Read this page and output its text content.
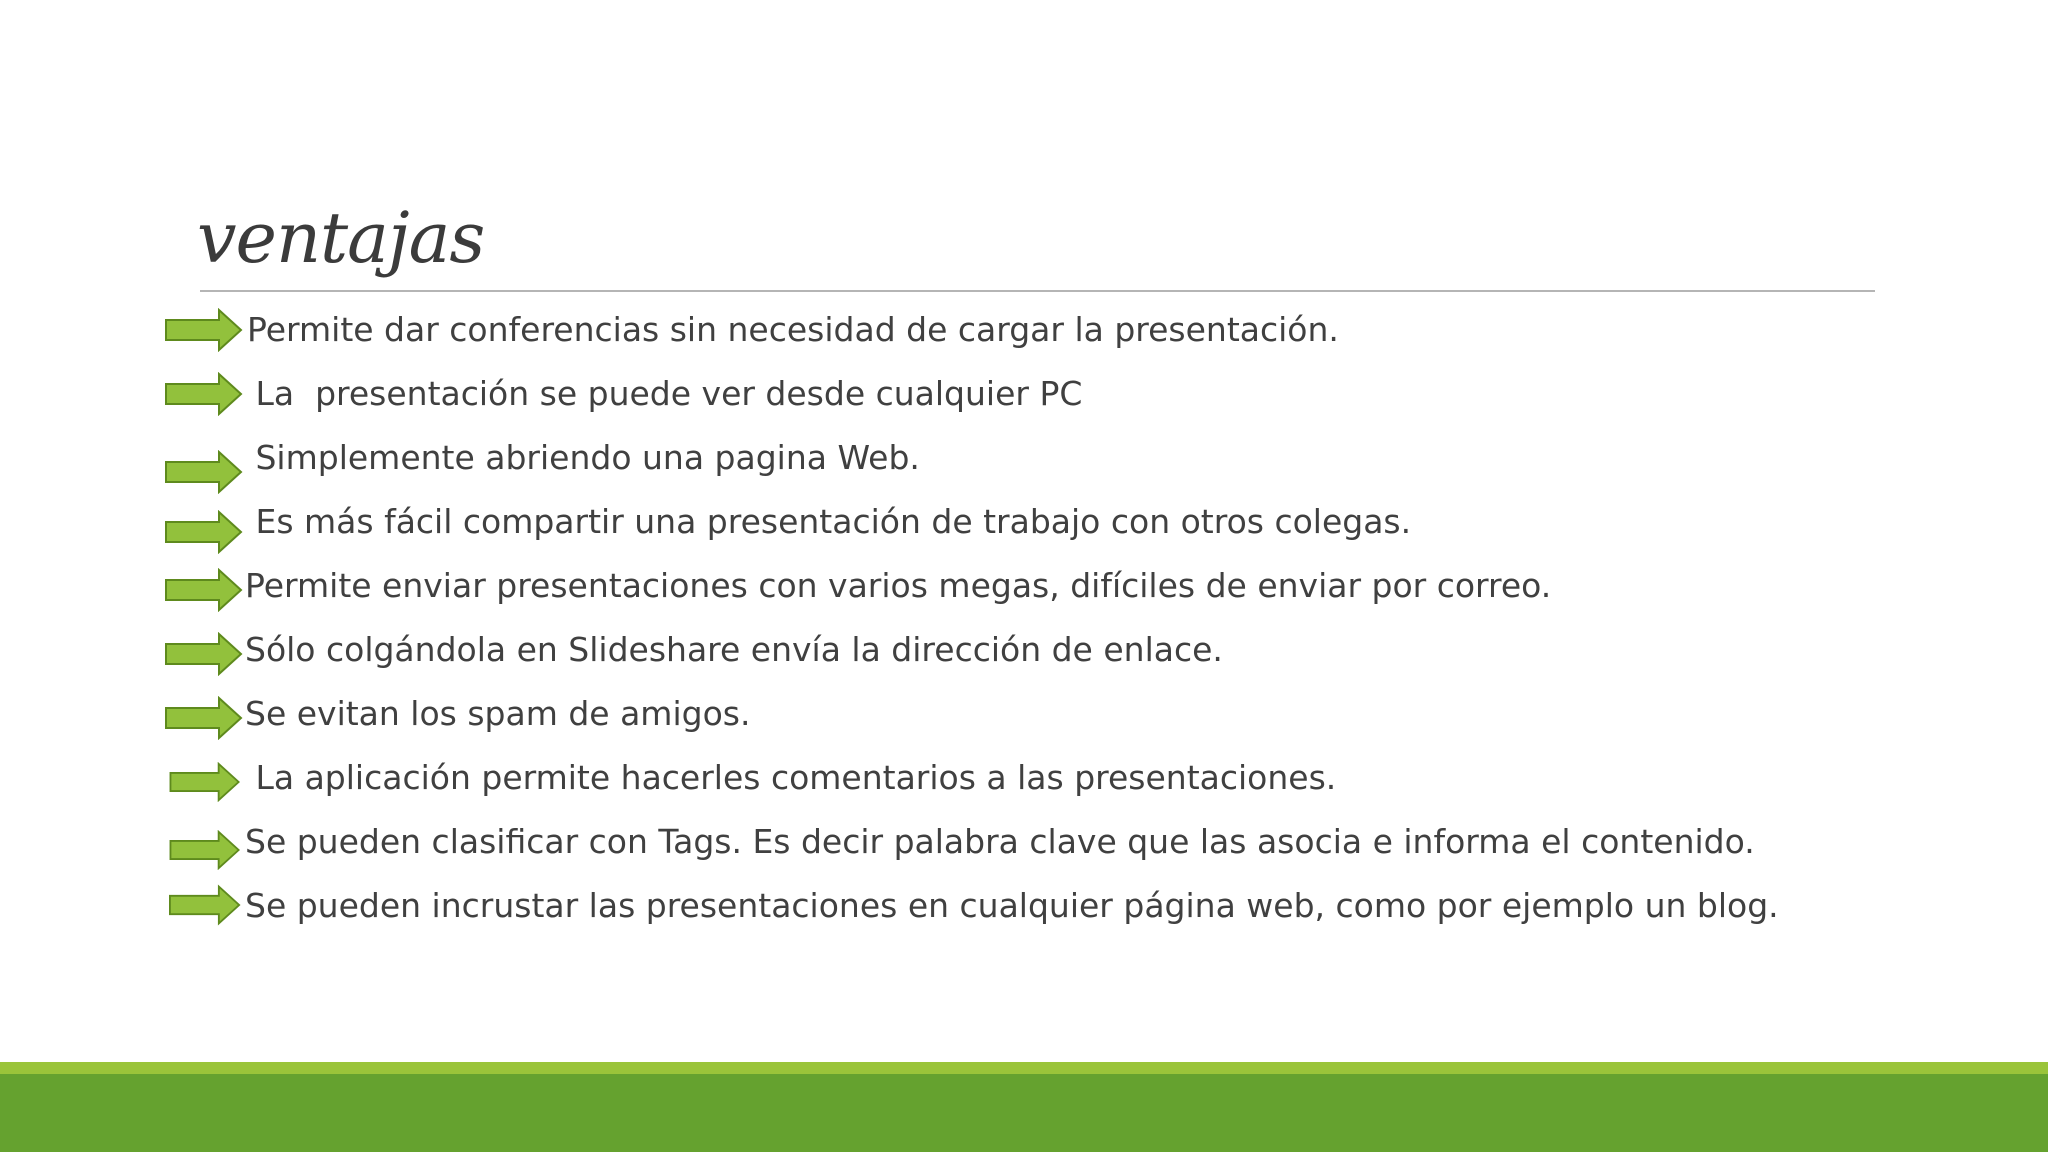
ventajas
Permite dar conferencias sin necesidad de cargar la presentación.
La  presentación se puede ver desde cualquier PC
Simplemente abriendo una pagina Web.
Es más fácil compartir una presentación de trabajo con otros colegas.
Permite enviar presentaciones con varios megas, difíciles de enviar por correo.
Sólo colgándola en Slideshare envía la dirección de enlace.
Se evitan los spam de amigos.
La aplicación permite hacerles comentarios a las presentaciones.
Se pueden clasificar con Tags. Es decir palabra clave que las asocia e informa el contenido.
Se pueden incrustar las presentaciones en cualquier página web, como por ejemplo un blog.
